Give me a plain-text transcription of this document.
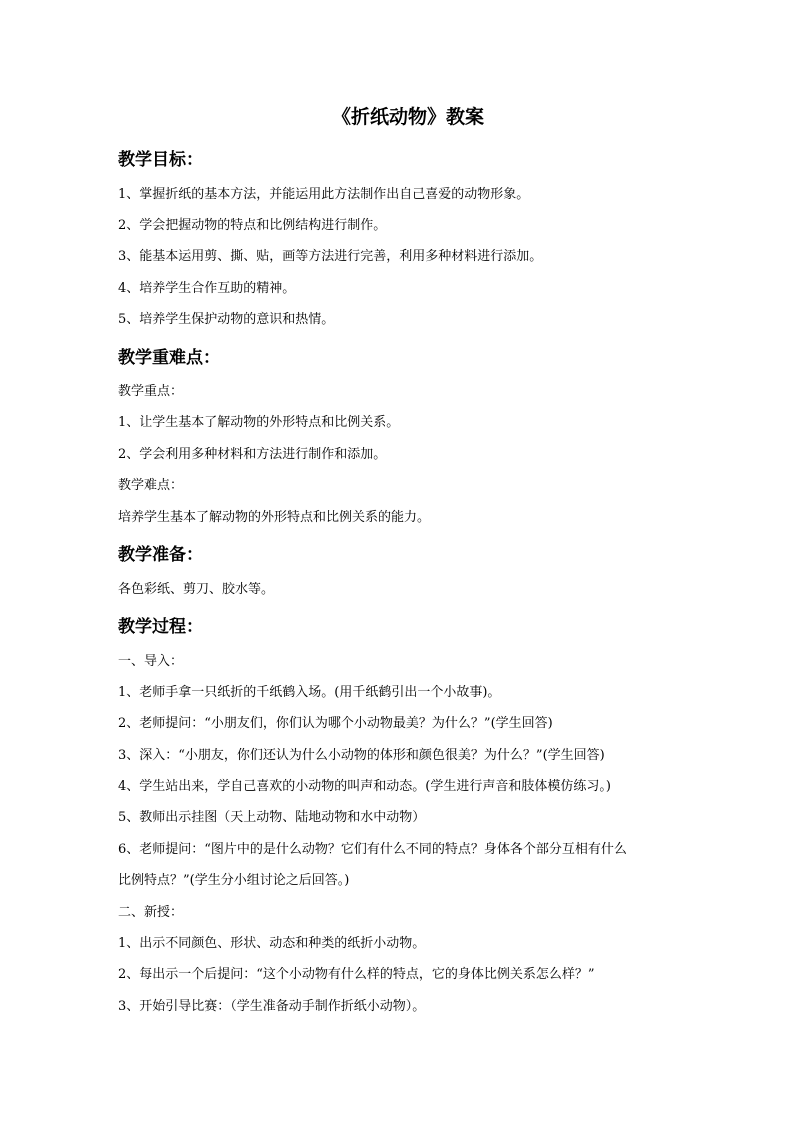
《折纸动物》教案
教学目标：
1、掌握折纸的基本方法，并能运用此方法制作出自己喜爱的动物形象。
2、学会把握动物的特点和比例结构进行制作。
3、能基本运用剪、撕、贴，画等方法进行完善，利用多种材料进行添加。
4、培养学生合作互助的精神。
5、培养学生保护动物的意识和热情。
教学重难点：
教学重点：
1、让学生基本了解动物的外形特点和比例关系。
2、学会利用多种材料和方法进行制作和添加。
教学难点：
培养学生基本了解动物的外形特点和比例关系的能力。
教学准备：
各色彩纸、剪刀、胶水等。
教学过程：
一、导入：
1、老师手拿一只纸折的千纸鹤入场。(用千纸鹤引出一个小故事)。
2、老师提问：“小朋友们，你们认为哪个小动物最美？为什么？”(学生回答)
3、深入：“小朋友，你们还认为什么小动物的体形和颜色很美？为什么？”(学生回答)
4、学生站出来，学自己喜欢的小动物的叫声和动态。(学生进行声音和肢体模仿练习。)
5、教师出示挂图（天上动物、陆地动物和水中动物）
6、老师提问：“图片中的是什么动物？它们有什么不同的特点？身体各个部分互相有什么
比例特点？”(学生分小组讨论之后回答。)
二、新授：
1、出示不同颜色、形状、动态和种类的纸折小动物。
2、每出示一个后提问：“这个小动物有什么样的特点，它的身体比例关系怎么样？”
3、开始引导比赛：（学生准备动手制作折纸小动物）。
